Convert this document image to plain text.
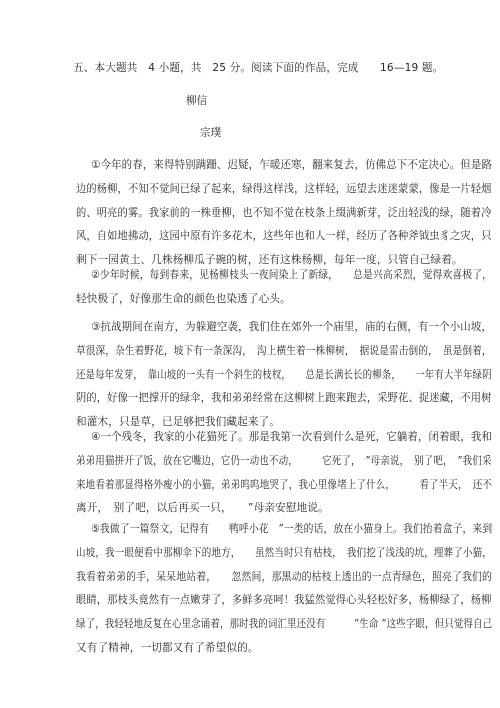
五、本大题共　4 小题，共　25 分。阅读下面的作品，完成　　16—19 题。
柳信
宗璞
①今年的春，来得特别蹒跚、迟疑，乍暖还寒，翻来复去，仿佛总下不定决心。但是路
边的杨柳，不知不觉间已绿了起来，绿得这样浅，这样轻，远望去迷迷蒙蒙，像是一片轻烟
的、明亮的雾。我家前的一株垂柳，也不知不觉在枝条上缀满新芽，泛出轻浅的绿，随着冷
风，自如地拂动，这园中原有许多花木，这些年也和人一样，经历了各种斧钺虫豸之灾，只
剩下一园黄土、几株杨柳瓜子碗的树，还有这株杨柳，每年一度，只管自己绿着。
②少年时候，每到春来，见杨柳枝头一夜间染上了新绿，　　总是兴高采烈，觉得欢喜极了，
轻快极了，好像那生命的颜色也染透了心头。
③抗战期间在南方，为躲避空袭，我们住在郊外一个庙里，庙的右侧，有一个小山坡，
草很深，杂生着野花，坡下有一条深沟，　沟上横生着一株柳树，　据说是雷击倒的，　虽是倒着，
还是每年发芽，　靠山坡的一头有一个斜生的枝杈，　　总是长满长长的柳条，　　一年有大半年绿阴
阴的，好像一把撑开的绿伞，我和弟弟经常在这柳树上跑来跑去，采野花、捉迷藏，不用树
和灌木，只是草，已足够把我们藏起来了。
④一个残冬，我家的小花猫死了。那是我第一次看到什么是死，它躺着，闭着眼，我和
弟弟用猫拼开了饭，放在它嘴边，它仍一动也不动，　　　它死了，　”母亲说，　别了吧，　”我们采
来地看着那显得格外瘦小的小猫，弟弟呜呜地哭了，我心里像堵上了什么，　　　看了半天，　还不
离开，　别了吧，以后再买一只，　　”母亲安慰地说。
⑤我做了一篇祭文，记得有　　鸭呼小花　”一类的话，放在小猫身上。我们抬着盒子，来到
山坡，我一眼便看中那柳伞下的地方，　　虽然当时只有枯枝，　我们挖了浅浅的坑，埋葬了小猫，
我看着弟弟的手，呆呆地站着，　　忽然间，那黑动的枯枝上透出的一点青绿色，照亮了我们的
眼睛，那枝头竟然有一点嫩芽了，多鲜多亮呵！我猛然觉得心头轻松好多，杨柳绿了，杨柳
绿了，我轻轻地反复在心里念诵着，那时我的词汇里还没有　　　”生命 ”这些字眼，但只觉得自己
又有了精神，一切都又有了希望似的。
